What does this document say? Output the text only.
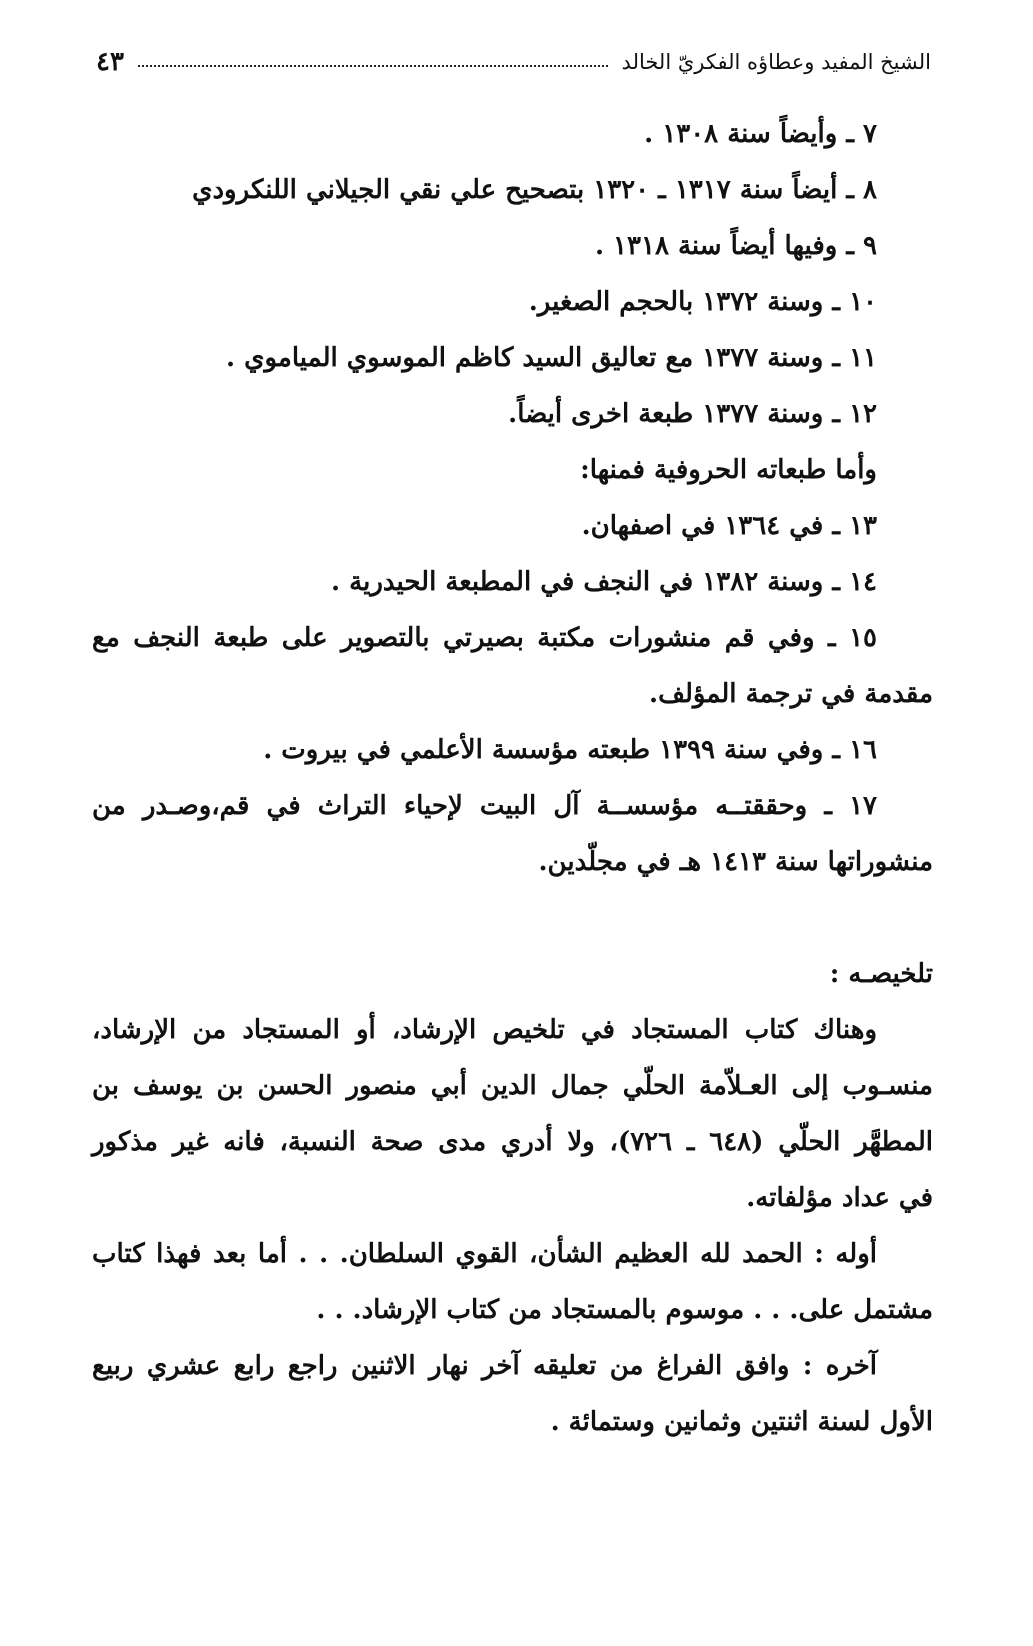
الشيخ المفيد وعطاؤه الفكريّ الخالد
٤٣
٧ ـ وأيضاً سنة ١٣٠٨ .
٨ ـ أيضاً سنة ١٣١٧ ـ ١٣٢٠ بتصحيح علي نقي الجيلاني اللنكرودي
٩ ـ وفيها أيضاً سنة ١٣١٨ .
١٠ ـ وسنة ١٣٧٢ بالحجم الصغير.
١١ ـ وسنة ١٣٧٧ مع تعاليق السيد كاظم الموسوي المياموي .
١٢ ـ وسنة ١٣٧٧ طبعة اخرى أيضاً.
وأما طبعاته الحروفية فمنها:
١٣ ـ في ١٣٦٤ في اصفهان.
١٤ ـ وسنة ١٣٨٢ في النجف في المطبعة الحيدرية .
١٥ ـ وفي قم منشورات مكتبة بصيرتي بالتصوير على طبعة النجف مع
مقدمة في ترجمة المؤلف.
١٦ ـ وفي سنة ١٣٩٩ طبعته مؤسسة الأعلمي في بيروت .
١٧ ـ وحققتــه مؤسســة آل البيت لإحياء التراث في قم،وصـدر من
منشوراتها سنة ١٤١٣ هـ في مجلّدين.
تلخيصـه :
وهناك كتاب المستجاد في تلخيص الإرشاد، أو المستجاد من الإرشاد،
منسـوب إلى العـلاّمة الحلّي جمال الدين أبي منصور الحسن بن يوسف بن
المطهَّر الحلّي (٦٤٨ ـ ٧٢٦)، ولا أدري مدى صحة النسبة، فانه غير مذكور
في عداد مؤلفاته.
أوله : الحمد لله العظيم الشأن، القوي السلطان. . . أما بعد فهذا كتاب
مشتمل على. . . موسوم بالمستجاد من كتاب الإرشاد. . .
آخره : وافق الفراغ من تعليقه آخر نهار الاثنين راجع رابع عشري ربيع
الأول لسنة اثنتين وثمانين وستمائة .
